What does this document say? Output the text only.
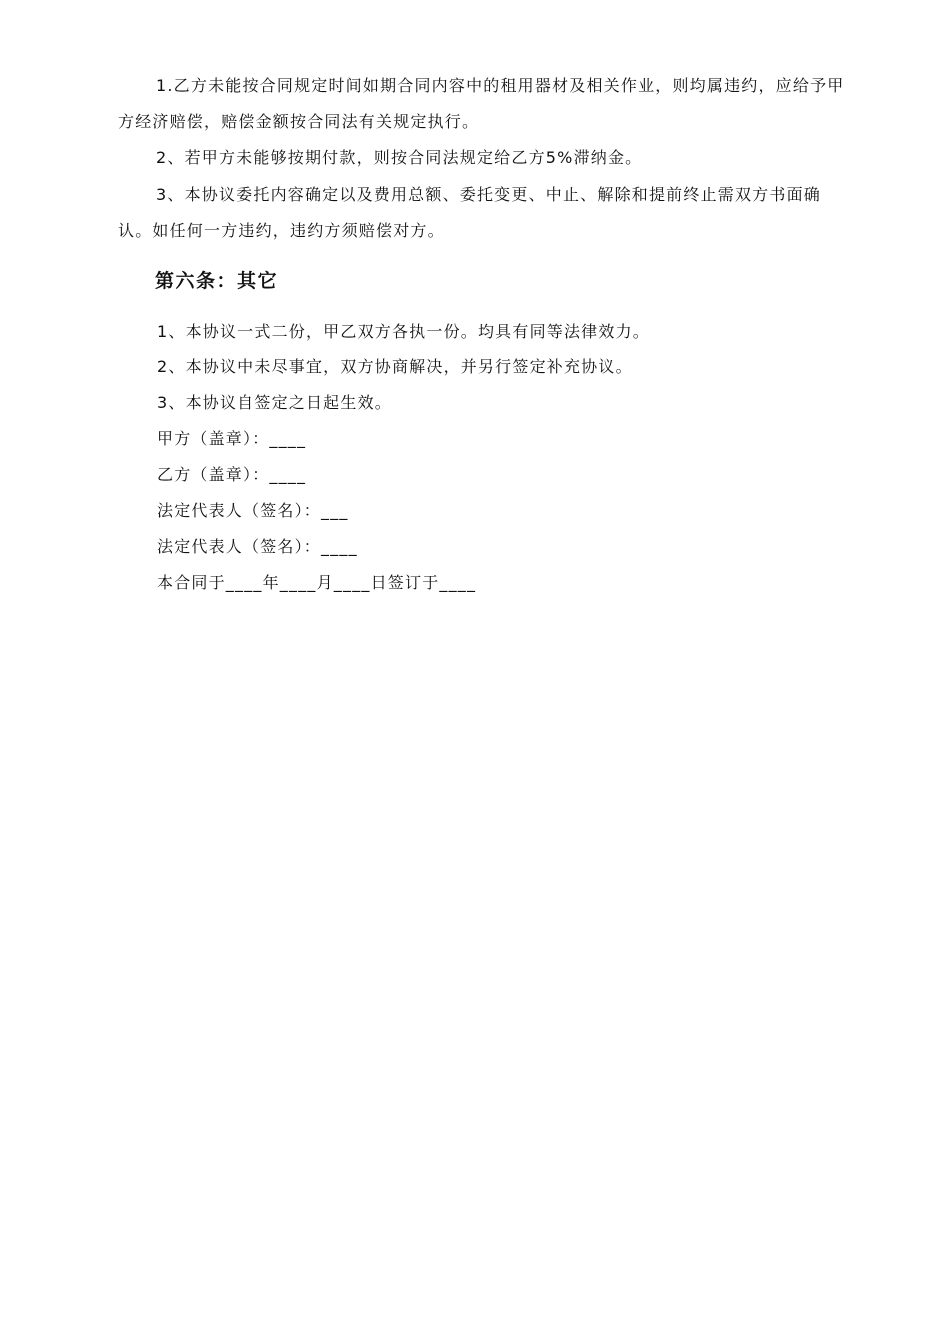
1.乙方未能按合同规定时间如期合同内容中的租用器材及相关作业，则均属违约，应给予甲方经济赔偿，赔偿金额按合同法有关规定执行。

2、若甲方未能够按期付款，则按合同法规定给乙方5%滞纳金。

3、本协议委托内容确定以及费用总额、委托变更、中止、解除和提前终止需双方书面确认。如任何一方违约，违约方须赔偿对方。

第六条：其它

1、本协议一式二份，甲乙双方各执一份。均具有同等法律效力。

2、本协议中未尽事宜，双方协商解决，并另行签定补充协议。

3、本协议自签定之日起生效。

甲方（盖章）：____

乙方（盖章）：____

法定代表人（签名）：___

法定代表人（签名）：____

本合同于____年____月____日签订于____
